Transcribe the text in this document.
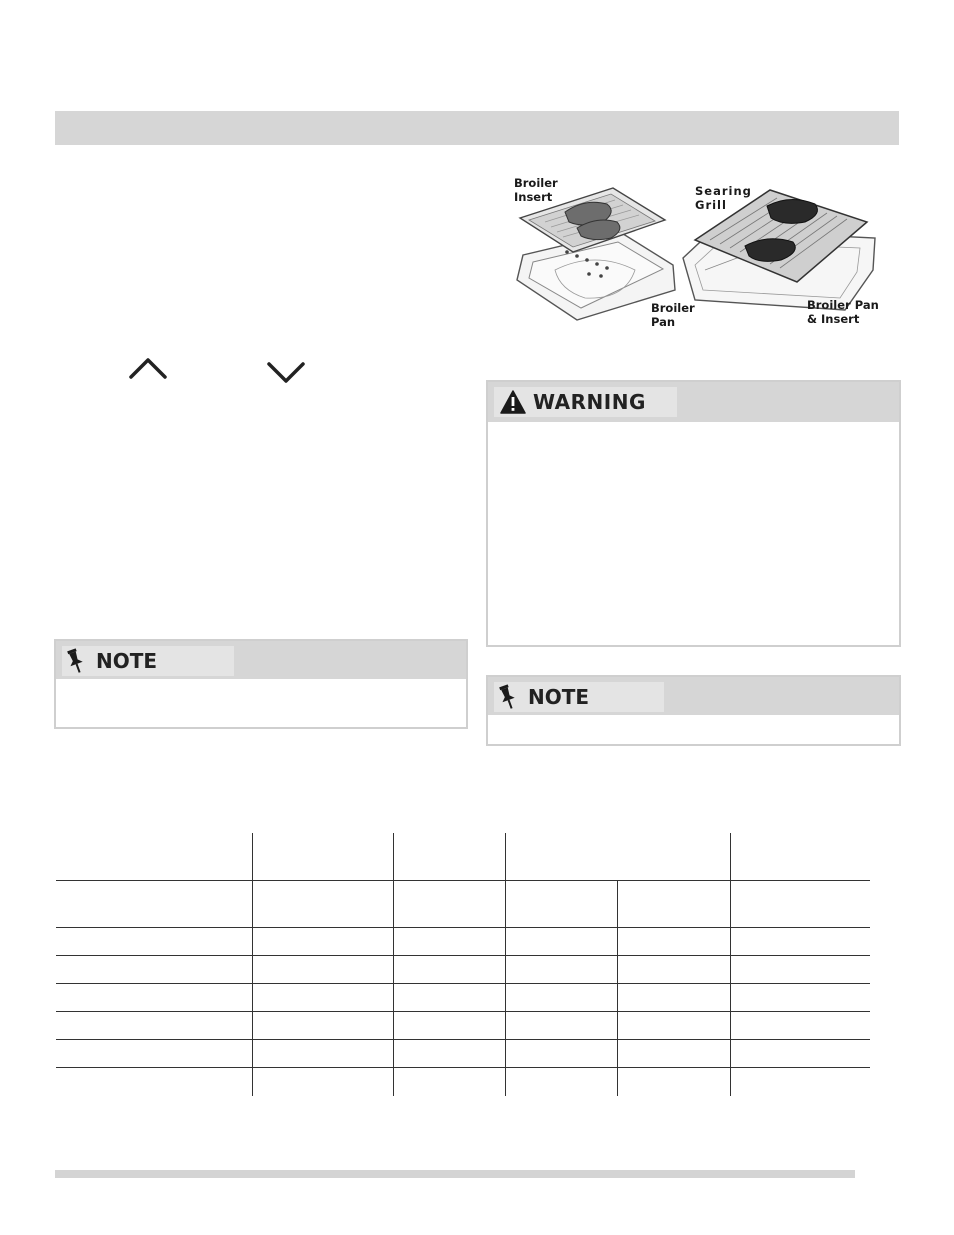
Broiler
Insert
Broiler
Pan
Searing
Grill
Broiler Pan
& Insert
WARNING
NOTE
NOTE
